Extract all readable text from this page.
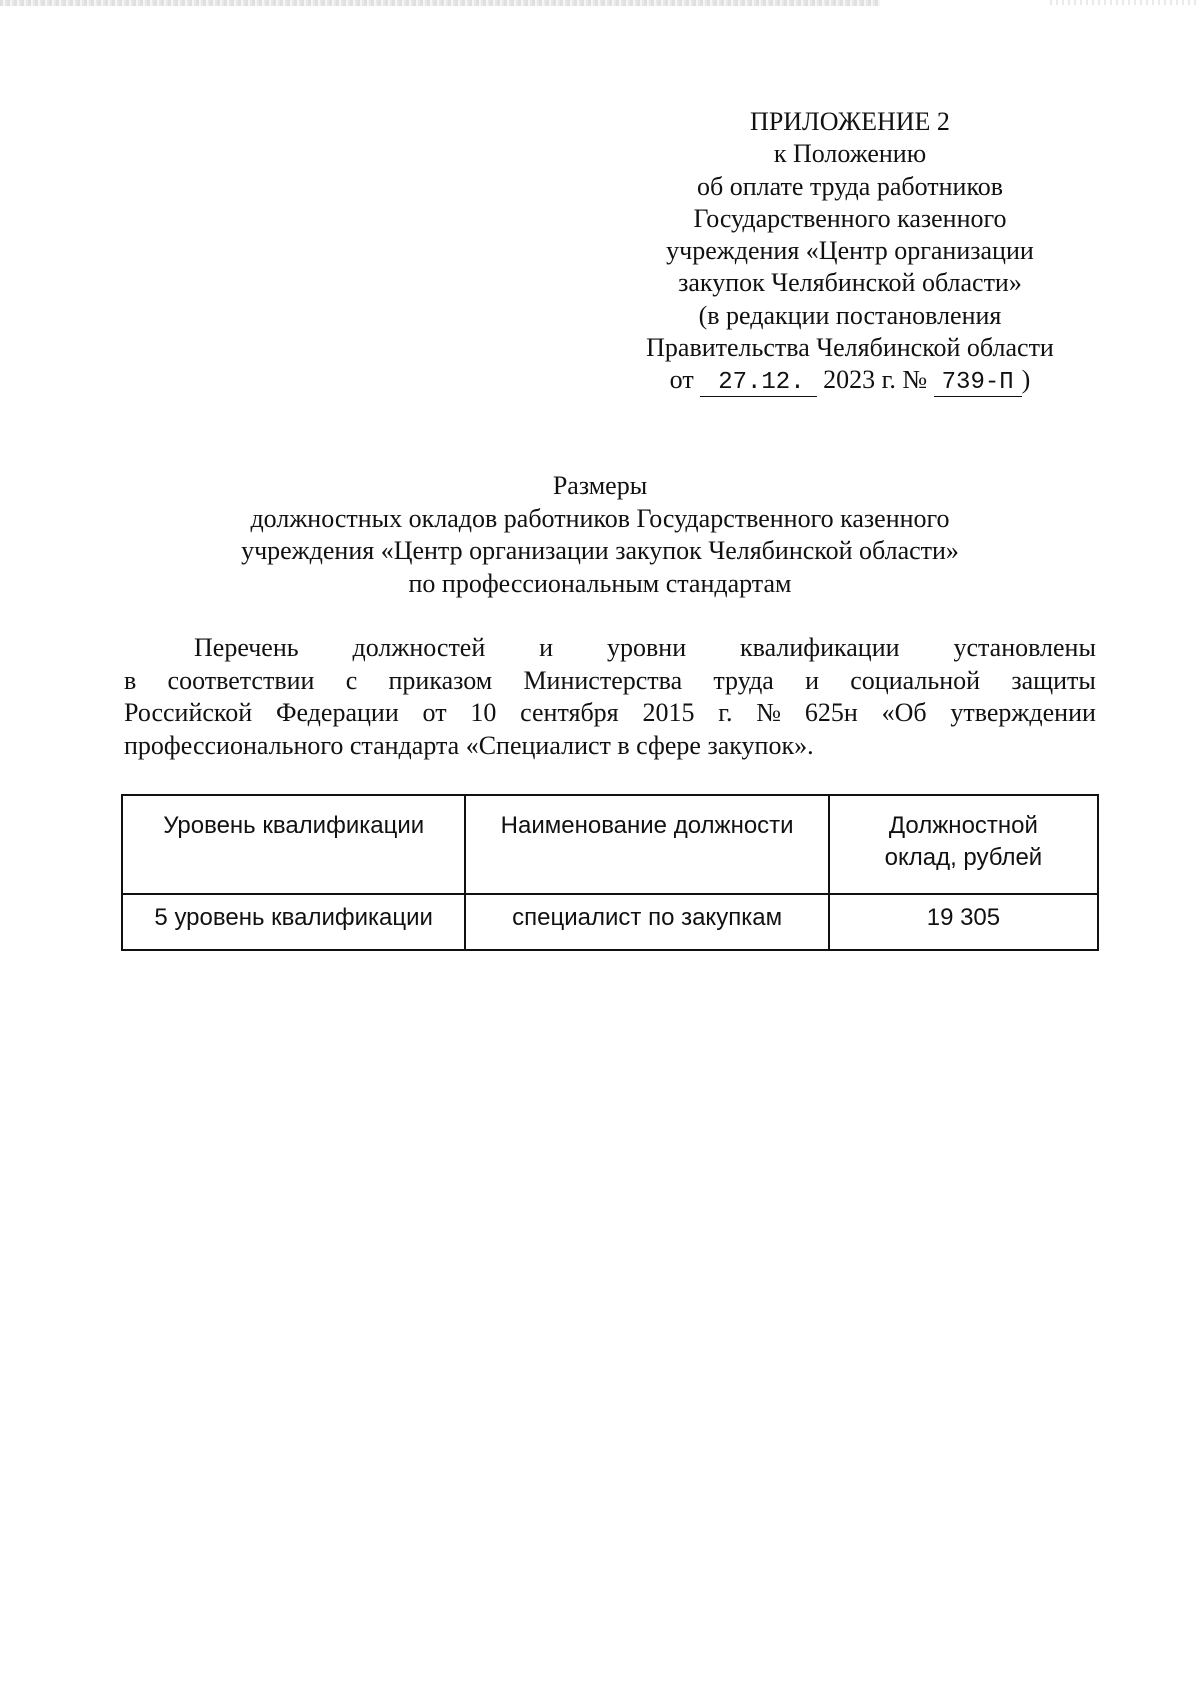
ПРИЛОЖЕНИЕ 2
к Положению
об оплате труда работников
Государственного казенного
учреждения «Центр организации
закупок Челябинской области»
(в редакции постановления
Правительства Челябинской области
от 27.12. 2023 г. № 739-П )
Размеры
должностных окладов работников Государственного казенного
учреждения «Центр организации закупок Челябинской области»
по профессиональным стандартам
Перечень должностей и уровни квалификации установлены
в соответствии с приказом Министерства труда и социальной защиты
Российской Федерации от 10 сентября 2015 г. № 625н «Об утверждении
профессионального стандарта «Специалист в сфере закупок».
Уровень квалификации	Наименование должности	Должностной
оклад, рублей
5 уровень квалификации	специалист по закупкам	19 305
